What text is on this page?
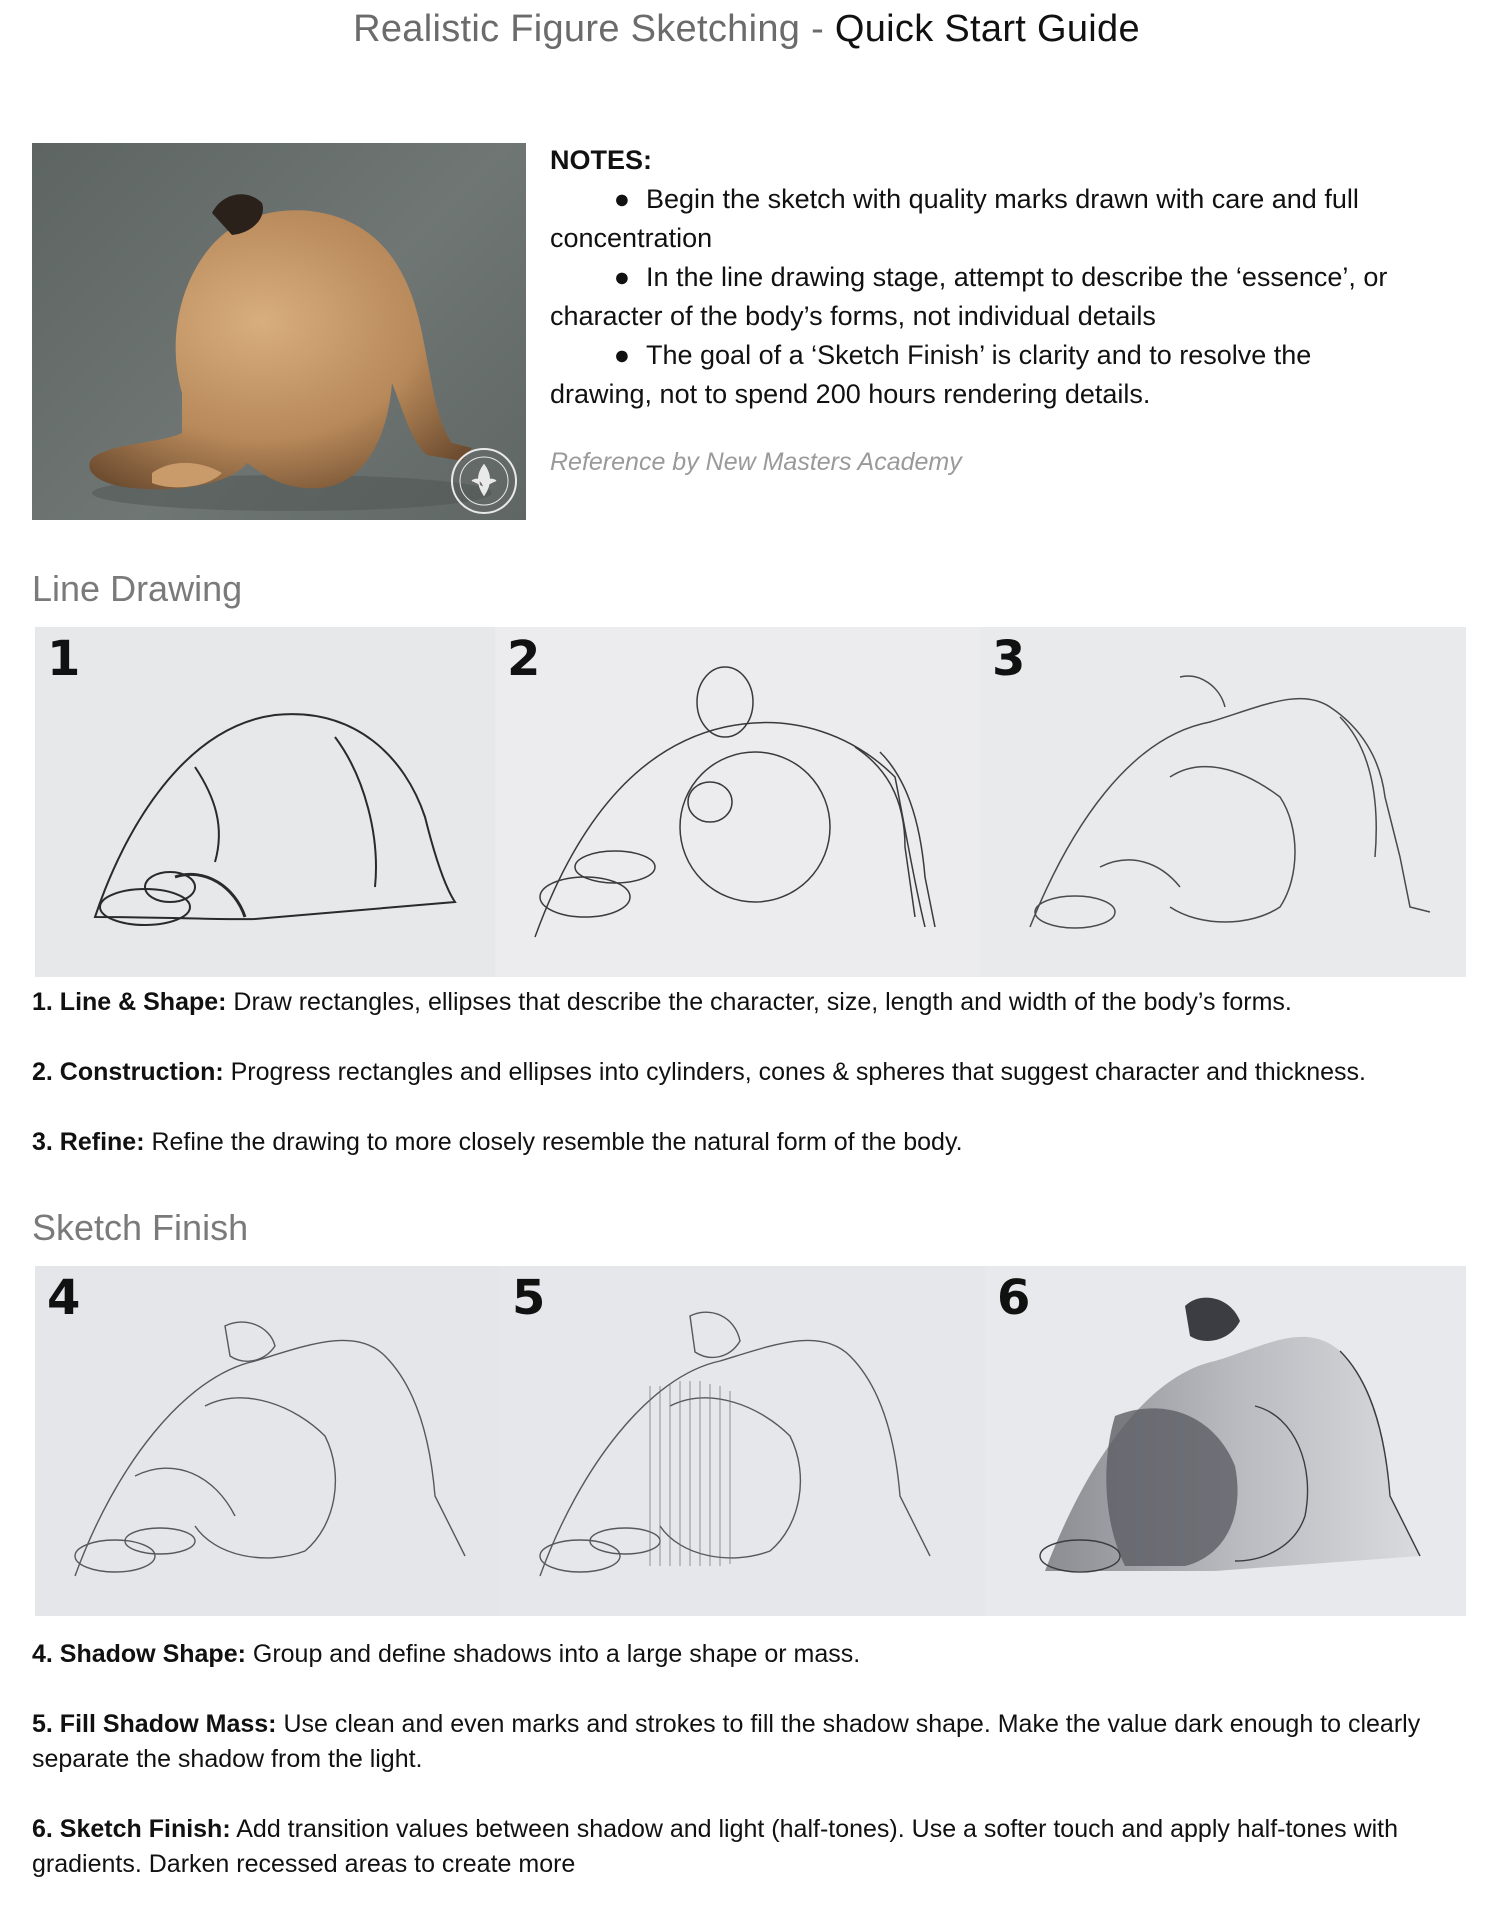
Realistic Figure Sketching - Quick Start Guide
NOTES:
● Begin the sketch with quality marks drawn with care and full
concentration
● In the line drawing stage, attempt to describe the ‘essence’, or
character of the body’s forms, not individual details
● The goal of a ‘Sketch Finish’ is clarity and to resolve the
drawing, not to spend 200 hours rendering details.
Reference by New Masters Academy
Line Drawing
1	2	3
1. Line & Shape: Draw rectangles, ellipses that describe the character, size, length and width of the body’s forms.
2. Construction: Progress rectangles and ellipses into cylinders, cones & spheres that suggest character and thickness.
3. Refine: Refine the drawing to more closely resemble the natural form of the body.
Sketch Finish
4	5	6
4. Shadow Shape: Group and define shadows into a large shape or mass.
5. Fill Shadow Mass: Use clean and even marks and strokes to fill the shadow shape. Make the value dark enough to clearly separate the shadow from the light.
6. Sketch Finish: Add transition values between shadow and light (half-tones). Use a softer touch and apply half-tones with gradients. Darken recessed areas to create more
